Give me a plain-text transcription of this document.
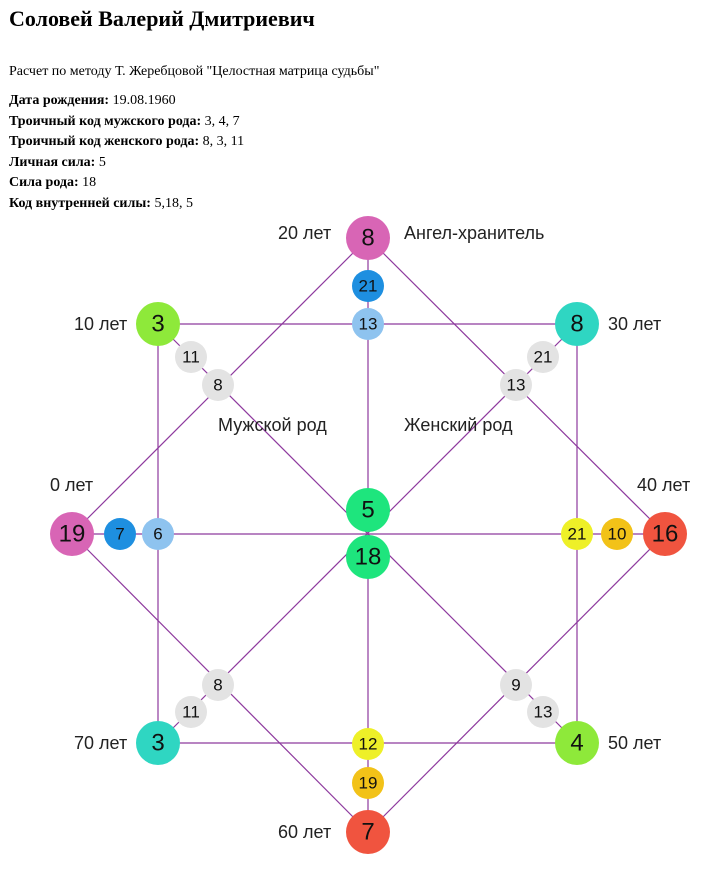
Соловей Валерий Дмитриевич
Расчет по методу Т. Жеребцовой "Целостная матрица судьбы"
Дата рождения: 19.08.1960
Троичный код мужского рода: 3, 4, 7
Троичный код женского рода: 8, 3, 11
Личная сила: 5
Сила рода: 18
Код внутренней силы: 5,18, 5
0 лет
10 лет
20 лет
30 лет
40 лет
50 лет
60 лет
70 лет
Ангел-хранитель
Мужской род	Женский род
8
21
13
19 7 6	16
10
21
7
19
12
3
11
8
8
21
13
3
11
8
4
13
9
5
18
